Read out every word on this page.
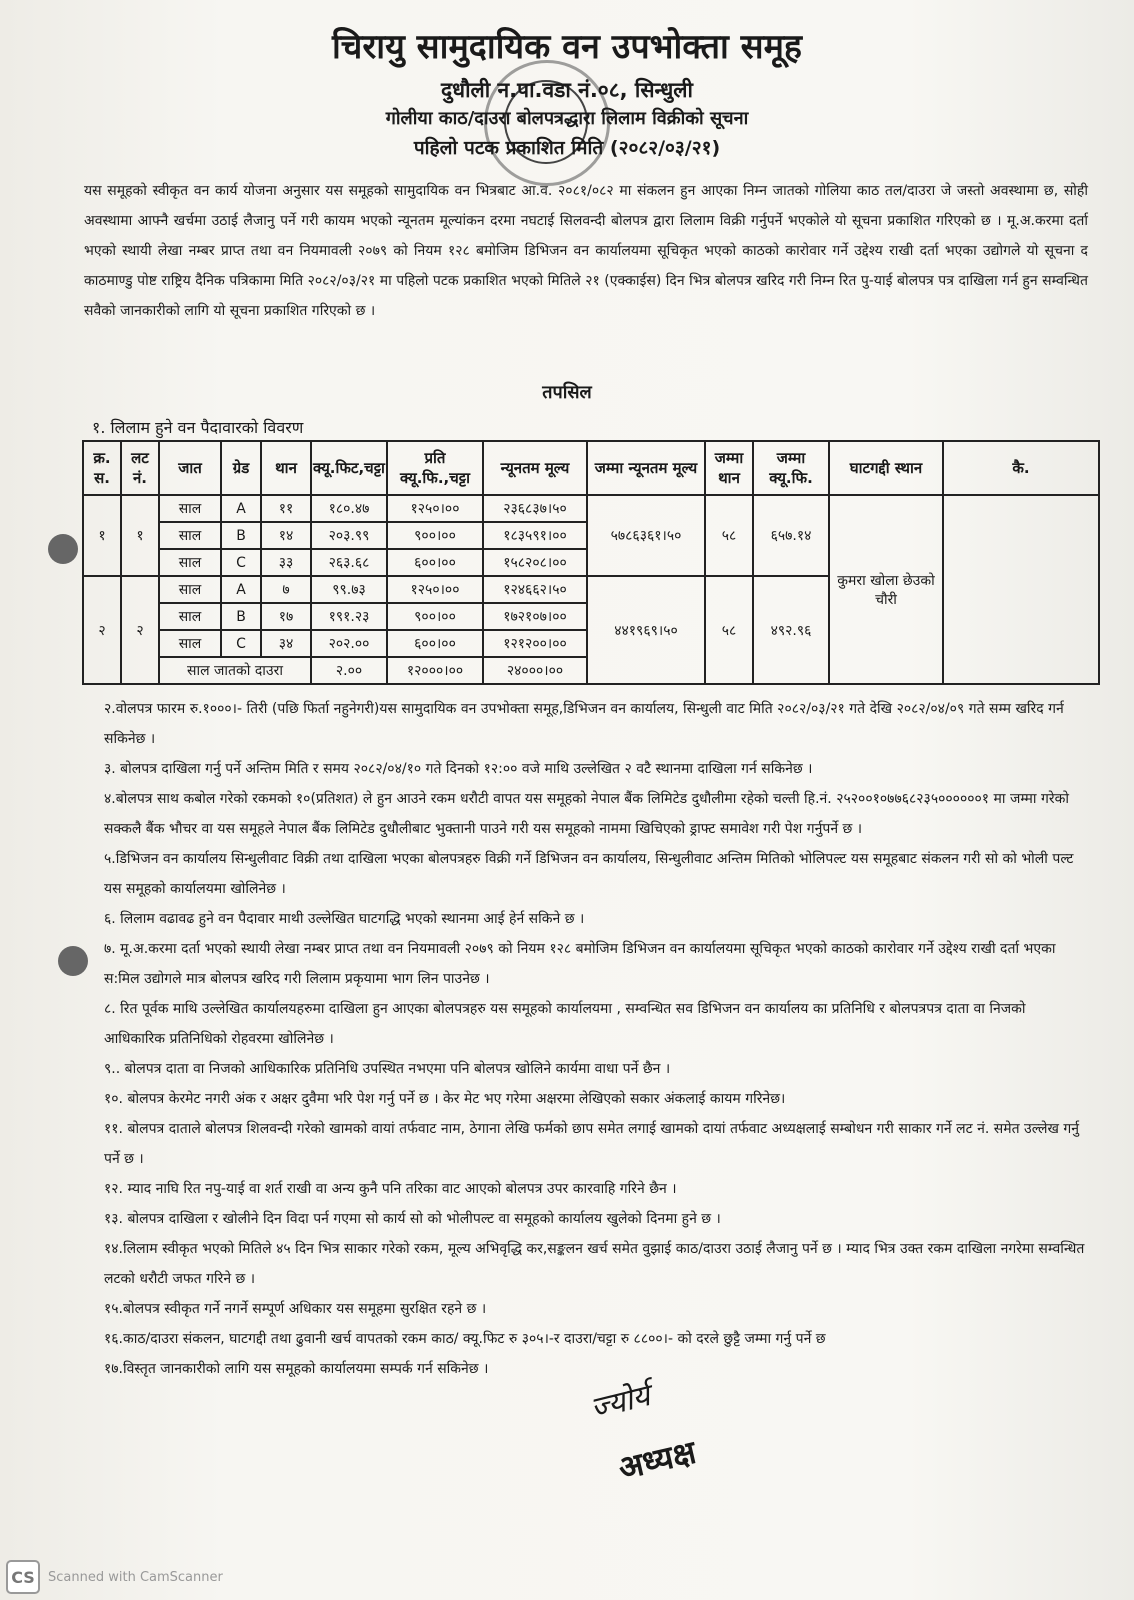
चिरायु सामुदायिक वन उपभोक्ता समूह
दुधौली न.पा.वडा नं.०८, सिन्धुली
गोलीया काठ/दाउरा बोलपत्रद्धारा लिलाम विक्रीको सूचना
पहिलो पटक प्रकाशित मिति (२०८२/०३/२१)
यस समूहको स्वीकृत वन कार्य योजना अनुसार यस समूहको सामुदायिक वन भित्रबाट आ.व. २०८१/०८२ मा संकलन हुन आएका निम्न जातको गोलिया काठ तल/दाउरा जे जस्तो अवस्थामा छ, सोही अवस्थामा आफ्नै खर्चमा उठाई लैजानु पर्ने गरी कायम भएको न्यूनतम मूल्यांकन दरमा नघटाई सिलवन्दी बोलपत्र द्वारा लिलाम विक्री गर्नुपर्ने भएकोले यो सूचना प्रकाशित गरिएको छ । मू.अ.करमा दर्ता भएको स्थायी लेखा नम्बर प्राप्त तथा वन नियमावली २०७९ को नियम १२८ बमोजिम डिभिजन वन कार्यालयमा सूचिकृत भएको काठको कारोवार गर्ने उद्देश्य राखी दर्ता भएका उद्योगले यो सूचना द काठमाण्डु पोष्ट राष्ट्रिय दैनिक पत्रिकामा मिति २०८२/०३/२१ मा पहिलो पटक प्रकाशित भएको मितिले २१ (एक्काईस) दिन भित्र बोलपत्र खरिद गरी निम्न रित पु-याई बोलपत्र पत्र दाखिला गर्न हुन सम्वन्धित सवैको जानकारीको लागि यो सूचना प्रकाशित गरिएको छ ।
तपसिल
१. लिलाम हुने वन पैदावारको विवरण
क्र. स.	लट नं.	जात	ग्रेड	थान	क्यू.फिट,चट्टा	प्रति क्यू.फि.,चट्टा	न्यूनतम मूल्य	जम्मा न्यूनतम मूल्य	जम्मा थान	जम्मा क्यू.फि.	घाटगद्दी स्थान	कै.
१	१	साल	A	११	१८०.४७	१२५०।००	२३६८३७।५०	५७८६३६१।५०	५८	६५७.१४	कुमरा खोला छेउको चौरी	
		साल	B	१४	२०३.९९	९००।००	१८३५९१।००					
		साल	C	३३	२६३.६८	६००।००	१५८२०८।००					
२	२	साल	A	७	९९.७३	१२५०।००	१२४६६२।५०	४४१९६९।५०	५८	४९२.९६		
		साल	B	१७	१९१.२३	९००।००	१७२१०७।००					
		साल	C	३४	२०२.००	६००।००	१२१२००।००					
		साल जातको दाउरा			२.००	१२०००।००	२४०००।००					

२.वोलपत्र फारम रु.१०००।- तिरी (पछि फिर्ता नहुनेगरी)यस सामुदायिक वन उपभोक्ता समूह,डिभिजन वन कार्यालय, सिन्धुली वाट मिति २०८२/०३/२१ गते देखि २०८२/०४/०९ गते सम्म खरिद गर्न सकिनेछ ।

३. बोलपत्र दाखिला गर्नु पर्ने अन्तिम मिति र समय २०८२/०४/१० गते दिनको १२:०० वजे माथि उल्लेखित २ वटै स्थानमा दाखिला गर्न सकिनेछ ।

४.बोलपत्र साथ कबोल गरेको रकमको १०(प्रतिशत) ले हुन आउने रकम धरौटी वापत यस समूहको नेपाल बैंक लिमिटेड दुधौलीमा रहेको चल्ती हि.नं. २५२००१०७७६८२३५००००००१ मा जम्मा गरेको सक्कलै बैंक भौचर वा यस समूहले नेपाल बैंक लिमिटेड दुधौलीबाट भुक्तानी पाउने गरी यस समूहको नाममा खिचिएको ड्राफ्ट समावेश गरी पेश गर्नुपर्ने छ ।

५.डिभिजन वन कार्यालय सिन्धुलीवाट विक्री तथा दाखिला भएका बोलपत्रहरु विक्री गर्ने डिभिजन वन कार्यालय, सिन्धुलीवाट अन्तिम मितिको भोलिपल्ट यस समूहबाट संकलन गरी सो को भोली पल्ट यस समूहको कार्यालयमा खोलिनेछ ।

६. लिलाम वढावढ हुने वन पैदावार माथी उल्लेखित घाटगद्धि भएको स्थानमा आई हेर्न सकिने छ ।

७. मू.अ.करमा दर्ता भएको स्थायी लेखा नम्बर प्राप्त तथा वन नियमावली २०७९ को नियम १२८ बमोजिम डिभिजन वन कार्यालयमा सूचिकृत भएको काठको कारोवार गर्ने उद्देश्य राखी दर्ता भएका स:मिल उद्योगले मात्र बोलपत्र खरिद गरी लिलाम प्रकृयामा भाग लिन पाउनेछ ।

८. रित पूर्वक माथि उल्लेखित कार्यालयहरुमा दाखिला हुन आएका बोलपत्रहरु यस समूहको कार्यालयमा , सम्वन्धित सव डिभिजन वन कार्यालय का प्रतिनिधि र बोलपत्रपत्र दाता वा निजको आधिकारिक प्रतिनिधिको रोहवरमा खोलिनेछ ।

९.. बोलपत्र दाता वा निजको आधिकारिक प्रतिनिधि उपस्थित नभएमा पनि बोलपत्र खोलिने कार्यमा वाधा पर्ने छैन ।

१०. बोलपत्र केरमेट नगरी अंक र अक्षर दुवैमा भरि पेश गर्नु पर्ने छ । केर मेट भए गरेमा अक्षरमा लेखिएको सकार अंकलाई कायम गरिनेछ।

११. बोलपत्र दाताले बोलपत्र शिलवन्दी गरेको खामको वायां तर्फवाट नाम, ठेगाना लेखि फर्मको छाप समेत लगाई खामको दायां तर्फवाट अध्यक्षलाई सम्बोधन गरी साकार गर्ने लट नं. समेत उल्लेख गर्नु पर्ने छ ।

१२. म्याद नाघि रित नपु-याई वा शर्त राखी वा अन्य कुनै पनि तरिका वाट आएको बोलपत्र उपर कारवाहि गरिने छैन ।

१३. बोलपत्र दाखिला र खोलीने दिन विदा पर्न गएमा सो कार्य सो को भोलीपल्ट वा समूहको कार्यालय खुलेको दिनमा हुने छ ।

१४.लिलाम स्वीकृत भएको मितिले ४५ दिन भित्र साकार गरेको रकम, मूल्य अभिवृद्धि कर,सङ्कलन खर्च समेत वुझाई काठ/दाउरा उठाई लैजानु पर्ने छ । म्याद भित्र उक्त रकम दाखिला नगरेमा सम्वन्धित लटको धरौटी जफत गरिने छ ।

१५.बोलपत्र स्वीकृत गर्ने नगर्ने सम्पूर्ण अधिकार यस समूहमा सुरक्षित रहने छ ।

१६.काठ/दाउरा संकलन, घाटगद्दी तथा ढुवानी खर्च वापतको रकम काठ/ क्यू.फिट रु ३०५।-र दाउरा/चट्टा रु ८८००।- को दरले छुट्टै जम्मा गर्नु पर्ने छ

१७.विस्तृत जानकारीको लागि यस समूहको कार्यालयमा सम्पर्क गर्न सकिनेछ ।

ज्योर्य
अध्यक्ष
CS	Scanned with CamScanner
